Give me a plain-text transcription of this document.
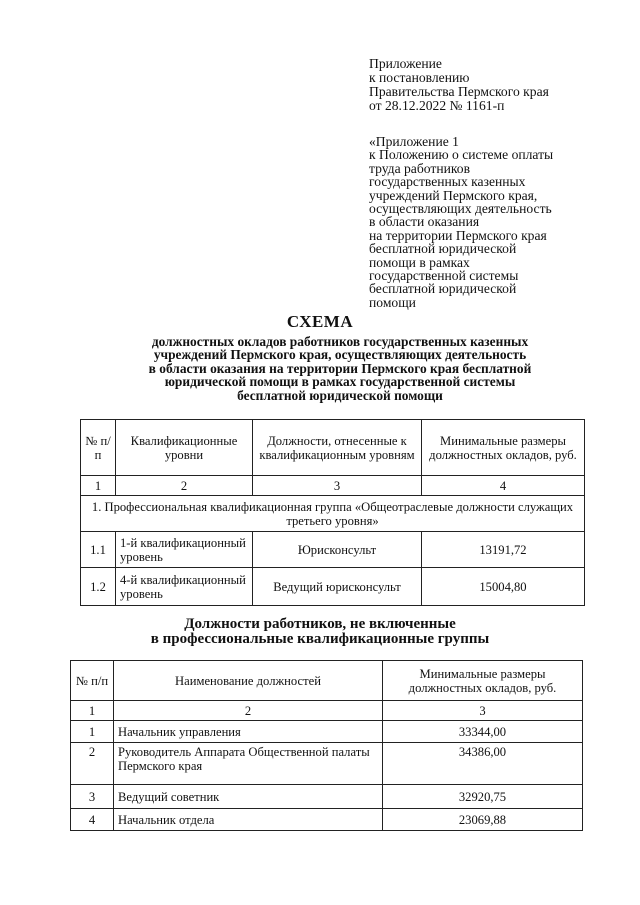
Приложение
к постановлению
Правительства Пермского края
от 28.12.2022 № 1161-п
«Приложение 1
к Положению о системе оплаты
труда работников
государственных казенных
учреждений Пермского края,
осуществляющих деятельность
в области оказания
на территории Пермского края
бесплатной юридической
помощи в рамках
государственной системы
бесплатной юридической
помощи
СХЕМА
должностных окладов работников государственных казенных
учреждений Пермского края, осуществляющих деятельность
в области оказания на территории Пермского края бесплатной
юридической помощи в рамках государственной системы
бесплатной юридической помощи
№ п/п	Квалификационные уровни	Должности, отнесенные к квалификационным уровням	Минимальные размеры должностных окладов, руб.
1	2	3	4
1. Профессиональная квалификационная группа «Общеотраслевые должности служащих третьего уровня»			
1.1	1-й квалификационный уровень	Юрисконсульт	13191,72
1.2	4-й квалификационный уровень	Ведущий юрисконсульт	15004,80
Должности работников, не включенные
в профессиональные квалификационные группы
№ п/п	Наименование должностей	Минимальные размеры должностных окладов, руб.
1	2	3
1	Начальник управления	33344,00
2	Руководитель Аппарата Общественной палаты Пермского края	34386,00
3	Ведущий советник	32920,75
4	Начальник отдела	23069,88
